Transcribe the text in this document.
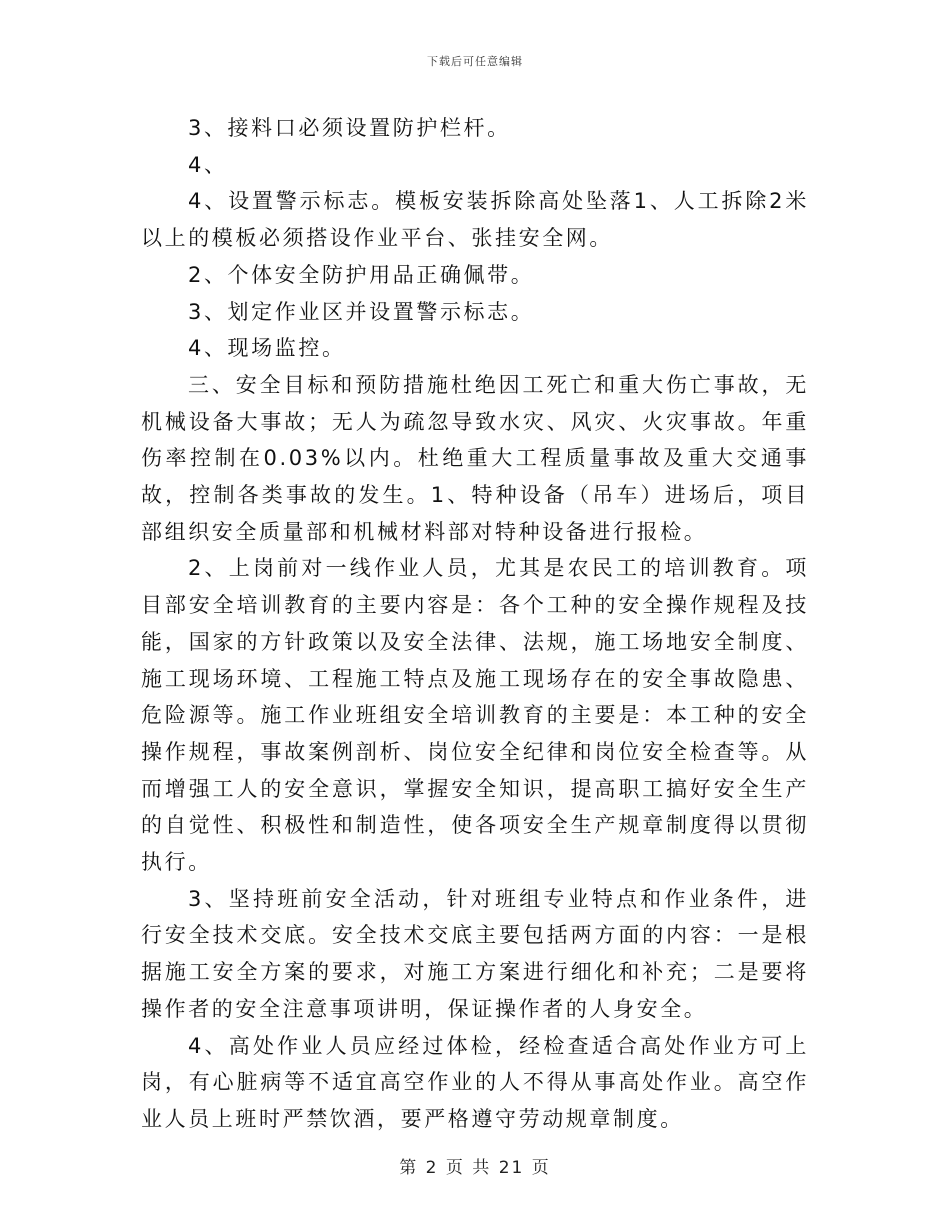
下载后可任意编辑

3、接料口必须设置防护栏杆。

4、

4、设置警示标志。模板安装拆除高处坠落1、人工拆除2米以上的模板必须搭设作业平台、张挂安全网。

2、个体安全防护用品正确佩带。

3、划定作业区并设置警示标志。

4、现场监控。

三、安全目标和预防措施杜绝因工死亡和重大伤亡事故，无机械设备大事故；无人为疏忽导致水灾、风灾、火灾事故。年重伤率控制在0.03%以内。杜绝重大工程质量事故及重大交通事故，控制各类事故的发生。1、特种设备（吊车）进场后，项目部组织安全质量部和机械材料部对特种设备进行报检。

2、上岗前对一线作业人员，尤其是农民工的培训教育。项目部安全培训教育的主要内容是：各个工种的安全操作规程及技能，国家的方针政策以及安全法律、法规，施工场地安全制度、施工现场环境、工程施工特点及施工现场存在的安全事故隐患、危险源等。施工作业班组安全培训教育的主要是：本工种的安全操作规程，事故案例剖析、岗位安全纪律和岗位安全检查等。从而增强工人的安全意识，掌握安全知识，提高职工搞好安全生产的自觉性、积极性和制造性，使各项安全生产规章制度得以贯彻执行。

3、坚持班前安全活动，针对班组专业特点和作业条件，进行安全技术交底。安全技术交底主要包括两方面的内容：一是根据施工安全方案的要求，对施工方案进行细化和补充；二是要将操作者的安全注意事项讲明，保证操作者的人身安全。

4、高处作业人员应经过体检，经检查适合高处作业方可上岗，有心脏病等不适宜高空作业的人不得从事高处作业。高空作业人员上班时严禁饮酒，要严格遵守劳动规章制度。

第 2 页 共 21 页
